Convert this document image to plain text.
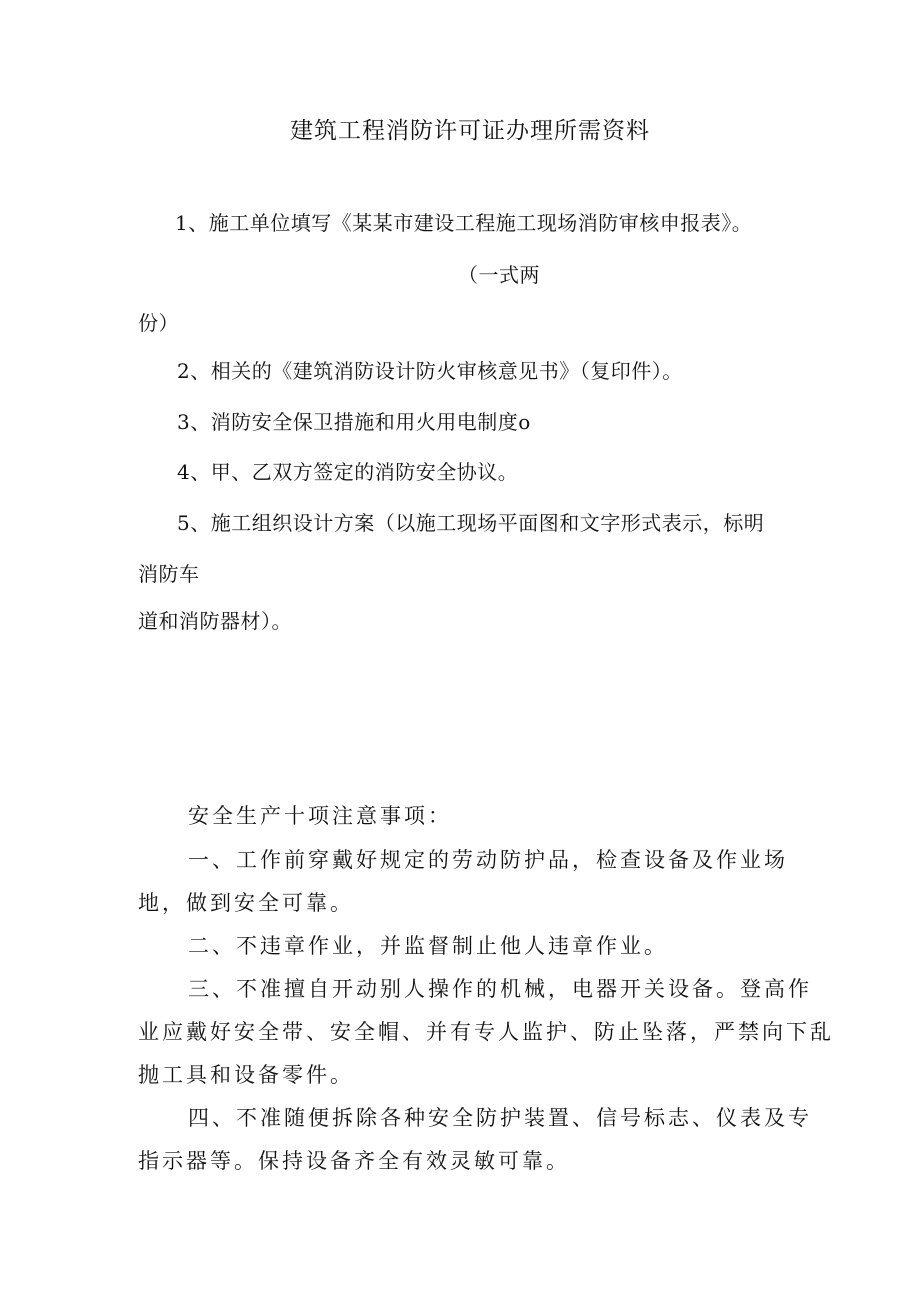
建筑工程消防许可证办理所需资料
1、施工单位填写《某某市建设工程施工现场消防审核申报表》。
（一式两
份）
2、相关的《建筑消防设计防火审核意见书》（复印件）。
3、消防安全保卫措施和用火用电制度o
4、甲、乙双方签定的消防安全协议。
5、施工组织设计方案（以施工现场平面图和文字形式表示，标明
消防车
道和消防器材）。
安全生产十项注意事项：
一、工作前穿戴好规定的劳动防护品，检查设备及作业场
地，做到安全可靠。
二、不违章作业，并监督制止他人违章作业。
三、不准擅自开动别人操作的机械，电器开关设备。登高作
业应戴好安全带、安全帽、并有专人监护、防止坠落，严禁向下乱
抛工具和设备零件。
四、不准随便拆除各种安全防护装置、信号标志、仪表及专
指示器等。保持设备齐全有效灵敏可靠。
